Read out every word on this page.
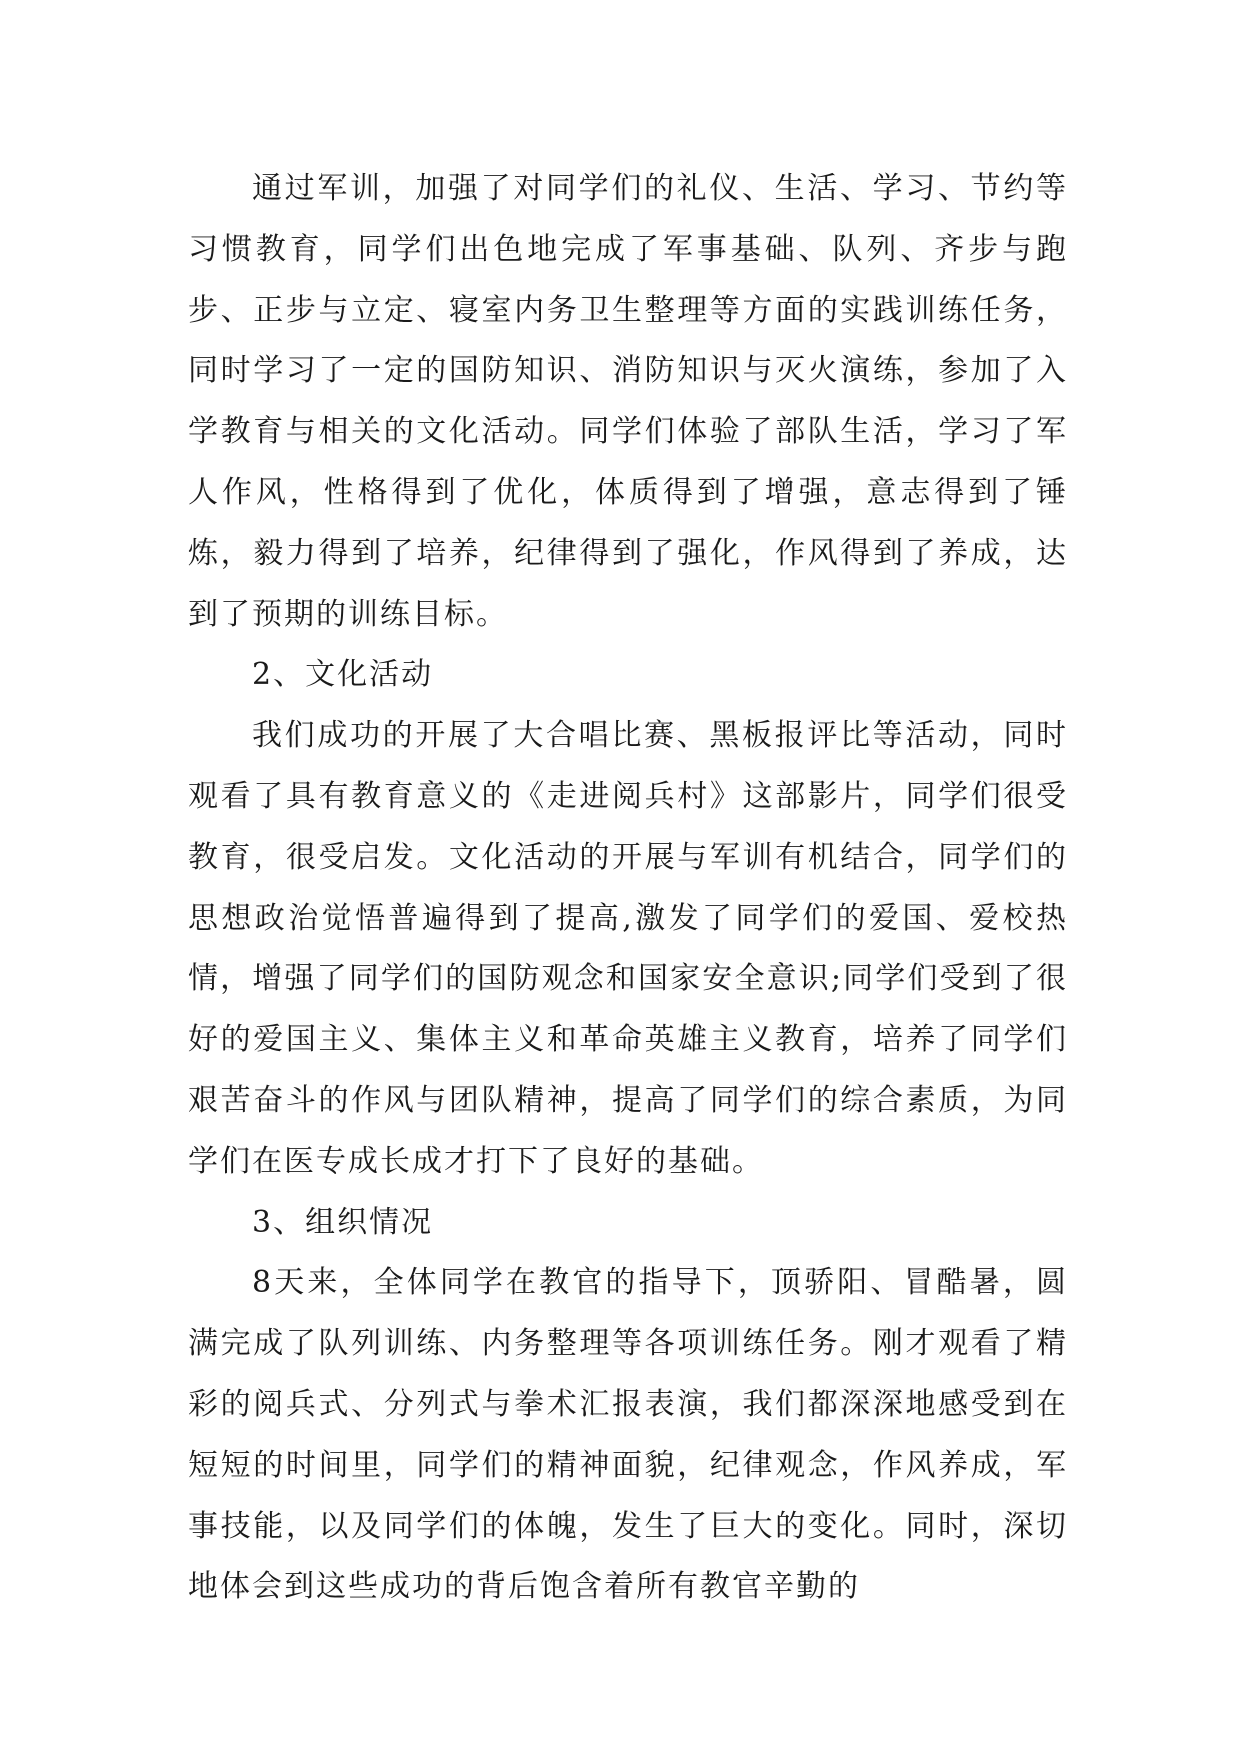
通过军训，加强了对同学们的礼仪、生活、学习、节约等习惯教育，同学们出色地完成了军事基础、队列、齐步与跑步、正步与立定、寝室内务卫生整理等方面的实践训练任务，同时学习了一定的国防知识、消防知识与灭火演练，参加了入学教育与相关的文化活动。同学们体验了部队生活，学习了军人作风，性格得到了优化，体质得到了增强，意志得到了锤炼，毅力得到了培养，纪律得到了强化，作风得到了养成，达到了预期的训练目标。

2、文化活动

我们成功的开展了大合唱比赛、黑板报评比等活动，同时观看了具有教育意义的《走进阅兵村》这部影片，同学们很受教育，很受启发。文化活动的开展与军训有机结合，同学们的思想政治觉悟普遍得到了提高,激发了同学们的爱国、爱校热情，增强了同学们的国防观念和国家安全意识;同学们受到了很好的爱国主义、集体主义和革命英雄主义教育，培养了同学们艰苦奋斗的作风与团队精神，提高了同学们的综合素质，为同学们在医专成长成才打下了良好的基础。

3、组织情况

8天来，全体同学在教官的指导下，顶骄阳、冒酷暑，圆满完成了队列训练、内务整理等各项训练任务。刚才观看了精彩的阅兵式、分列式与拳术汇报表演，我们都深深地感受到在短短的时间里，同学们的精神面貌，纪律观念，作风养成，军事技能，以及同学们的体魄，发生了巨大的变化。同时，深切地体会到这些成功的背后饱含着所有教官辛勤的
